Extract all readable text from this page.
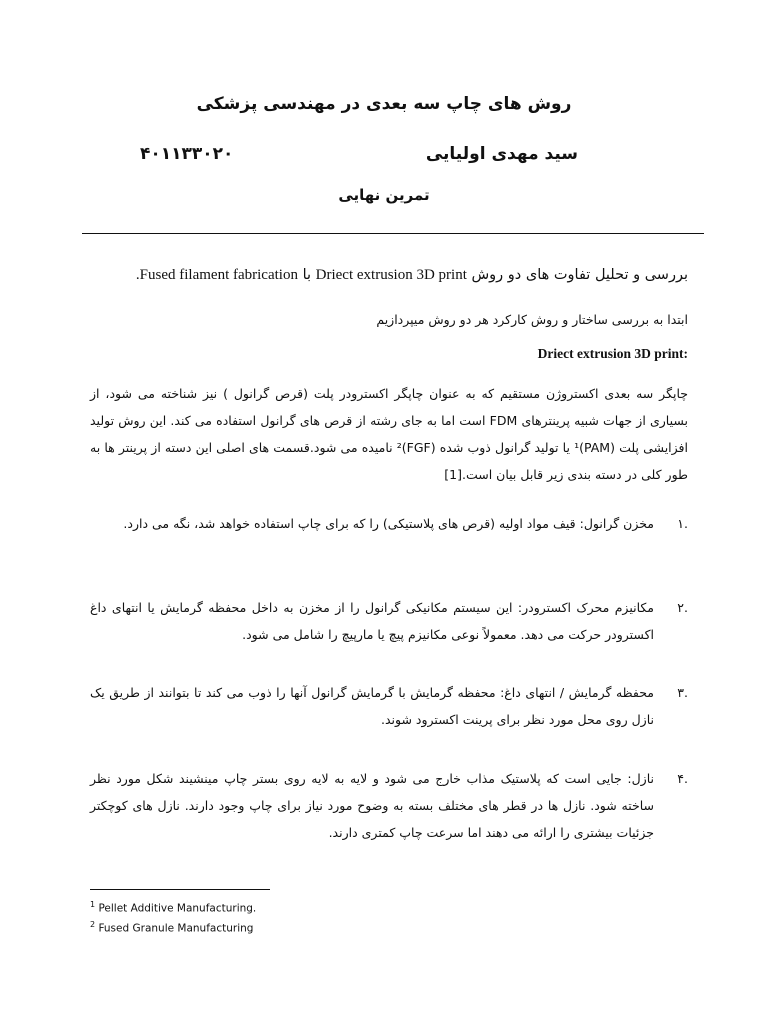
روش های چاپ سه بعدی در مهندسی پزشکی
سید مهدی اولیایی
۴۰۱۱۳۳۰۲۰
تمرین نهایی
بررسی و تحلیل تفاوت های دو روش Driect extrusion 3D print با Fused filament fabrication.
ابتدا به بررسی ساختار و روش کارکرد هر دو روش میپردازیم
:Driect extrusion 3D print
چاپگر سه بعدی اکستروژن مستقیم که به عنوان چاپگر اکسترودر پلت (قرص گرانول ) نیز شناخته می شود، از بسیاری از جهات شبیه پرینترهای FDM است اما به جای رشته از قرص های گرانول استفاده می کند. این روش تولید افزایشی پلت (PAM)¹ یا تولید گرانول ذوب شده (FGF)² نامیده می شود.قسمت های اصلی این دسته از پرینتر ها به طور کلی در دسته بندی زیر قابل بیان است.[1]
.۱
مخزن گرانول: قیف مواد اولیه (قرص های پلاستیکی) را که برای چاپ استفاده خواهد شد، نگه می دارد.
.۲
مکانیزم محرک اکسترودر: این سیستم مکانیکی گرانول را از مخزن به داخل محفظه گرمایش یا انتهای داغ اکسترودر حرکت می دهد. معمولاً نوعی مکانیزم پیچ یا مارپیچ را شامل می شود.
.۳
محفظه گرمایش / انتهای داغ: محفظه گرمایش با گرمایش گرانول آنها را ذوب می کند تا بتوانند از طریق یک نازل روی محل مورد نظر برای پرینت اکسترود شوند.
.۴
نازل: جایی است که پلاستیک مذاب خارج می شود و لایه به لایه روی بستر چاپ مینشیند شکل مورد نظر ساخته شود. نازل ها در قطر های مختلف بسته به وضوح مورد نیاز برای چاپ وجود دارند. نازل های کوچکتر جزئیات بیشتری را ارائه می دهند اما سرعت چاپ کمتری دارند.
$^1$ Pellet Additive Manufacturing.
$^2$ Fused Granule Manufacturing
